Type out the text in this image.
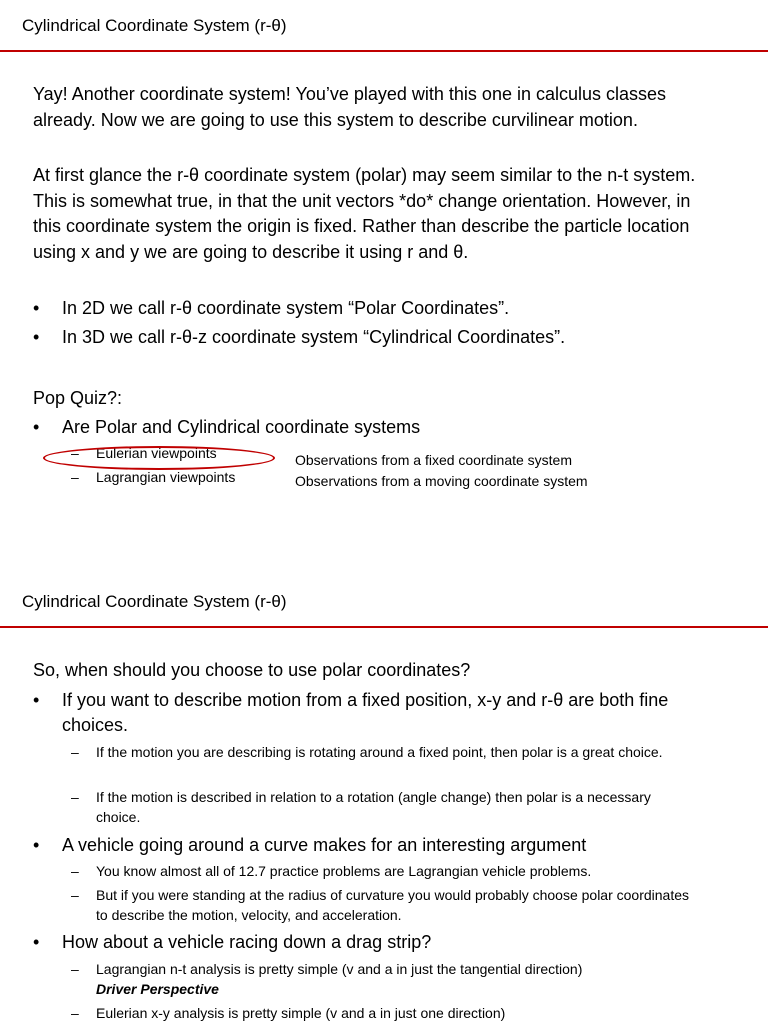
Cylindrical Coordinate System (r-θ)

Yay! Another coordinate system! You’ve played with this one in calculus classes already. Now we are going to use this system to describe curvilinear motion.

At first glance the r-θ coordinate system (polar) may seem similar to the n-t system. This is somewhat true, in that the unit vectors *do* change orientation. However, in this coordinate system the origin is fixed. Rather than describe the particle location using x and y we are going to describe it using r and θ.

• In 2D we call r-θ coordinate system “Polar Coordinates”.
• In 3D we call r-θ-z coordinate system “Cylindrical Coordinates”.
Pop Quiz?:
• Are Polar and Cylindrical coordinate systems
– Eulerian viewpoints
– Lagrangian viewpoints
Observations from a fixed coordinate system
Observations from a moving coordinate system
Cylindrical Coordinate System (r-θ)
So, when should you choose to use polar coordinates?
• If you want to describe motion from a fixed position, x-y and r-θ are both fine choices.
– If the motion you are describing is rotating around a fixed point, then polar is a great choice.
– If the motion is described in relation to a rotation (angle change) then polar is a necessary choice.
• A vehicle going around a curve makes for an interesting argument
– You know almost all of 12.7 practice problems are Lagrangian vehicle problems.
– But if you were standing at the radius of curvature you would probably choose polar coordinates to describe the motion, velocity, and acceleration.
• How about a vehicle racing down a drag strip?
– Lagrangian n-t analysis is pretty simple (v and a in just the tangential direction)
Driver Perspective
– Eulerian x-y analysis is pretty simple (v and a in just one direction)
